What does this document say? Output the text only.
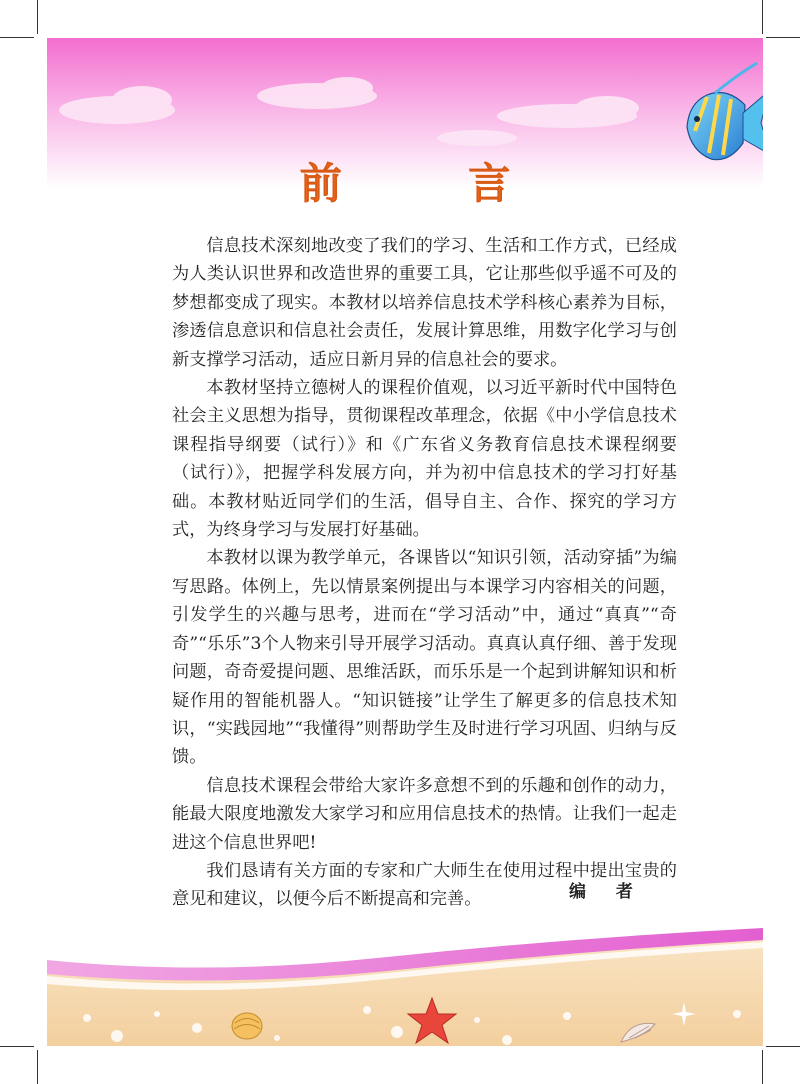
前 言

信息技术深刻地改变了我们的学习、生活和工作方式，已经成为人类认识世界和改造世界的重要工具，它让那些似乎遥不可及的梦想都变成了现实。本教材以培养信息技术学科核心素养为目标，渗透信息意识和信息社会责任，发展计算思维，用数字化学习与创新支撑学习活动，适应日新月异的信息社会的要求。

本教材坚持立德树人的课程价值观，以习近平新时代中国特色社会主义思想为指导，贯彻课程改革理念，依据《中小学信息技术课程指导纲要（试行）》和《广东省义务教育信息技术课程纲要（试行）》，把握学科发展方向，并为初中信息技术的学习打好基础。本教材贴近同学们的生活，倡导自主、合作、探究的学习方式，为终身学习与发展打好基础。

本教材以课为教学单元，各课皆以“知识引领，活动穿插”为编写思路。体例上，先以情景案例提出与本课学习内容相关的问题，引发学生的兴趣与思考，进而在“学习活动”中，通过“真真”“奇奇”“乐乐”3个人物来引导开展学习活动。真真认真仔细、善于发现问题，奇奇爱提问题、思维活跃，而乐乐是一个起到讲解知识和析疑作用的智能机器人。“知识链接”让学生了解更多的信息技术知识，“实践园地”“我懂得”则帮助学生及时进行学习巩固、归纳与反馈。

信息技术课程会带给大家许多意想不到的乐趣和创作的动力，能最大限度地激发大家学习和应用信息技术的热情。让我们一起走进这个信息世界吧!

我们恳请有关方面的专家和广大师生在使用过程中提出宝贵的意见和建议，以便今后不断提高和完善。	编 者
